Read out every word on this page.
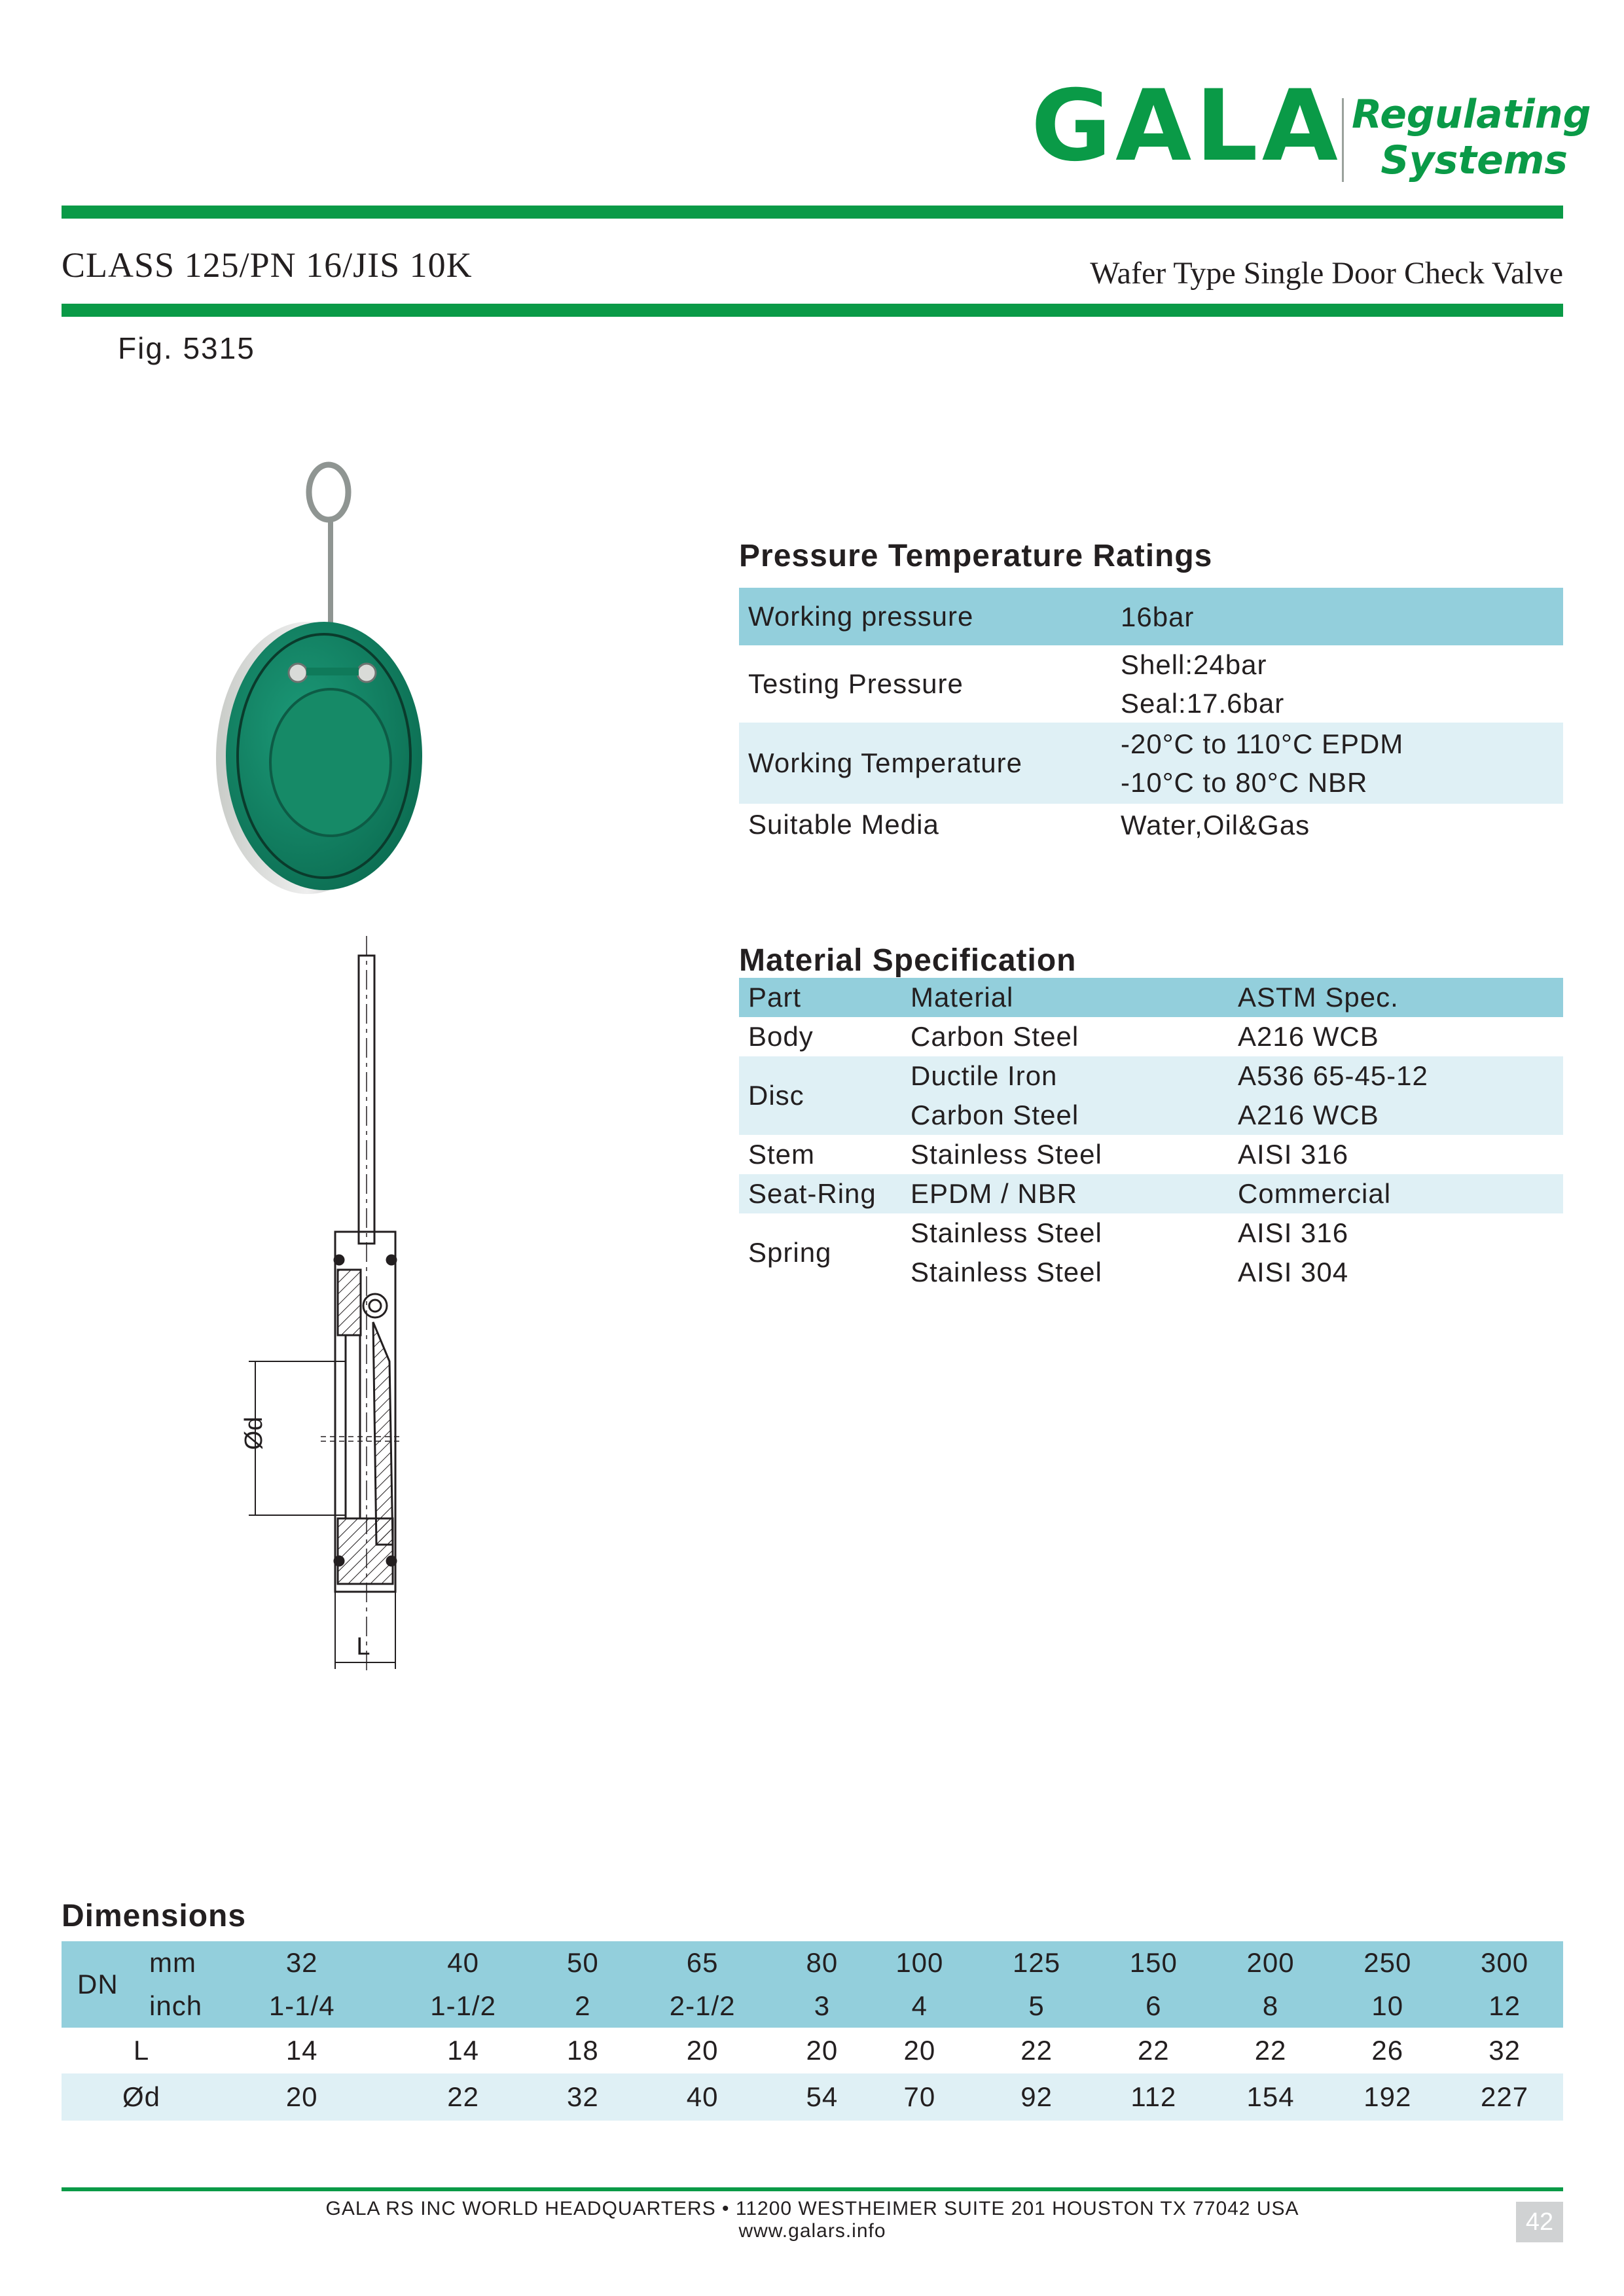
GALA Regulating
Systems
CLASS 125/PN 16/JIS 10K	Wafer Type Single Door Check Valve
Fig. 5315
Ød
L
Pressure Temperature Ratings
Working pressure	16bar
Testing Pressure	Shell:24bar
Seal:17.6bar

Working Temperature	-20°C to 110°C EPDM
-10°C to 80°C NBR

Suitable Media	Water,Oil&Gas
Material Specification
Part	Material	ASTM Spec.
Body	Carbon Steel	A216 WCB
Disc	Ductile Iron	A536 65-45-12
	Carbon Steel	A216 WCB
Stem	Stainless Steel	AISI 316
Seat-Ring	EPDM / NBR	Commercial
Spring	Stainless Steel	AISI 316
	Stainless Steel	AISI 304
Dimensions
DN	mm	32	40	50	65	80	100	125	150	200	250	300
	inch	1-1/4	1-1/2	2	2-1/2	3	4	5	6	8	10	12
L		14	14	18	20	20	20	22	22	22	26	32
Ød		20	22	32	40	54	70	92	112	154	192	227
GALA RS INC WORLD HEADQUARTERS • 11200 WESTHEIMER SUITE 201 HOUSTON TX 77042 USA
www.galars.info	42
